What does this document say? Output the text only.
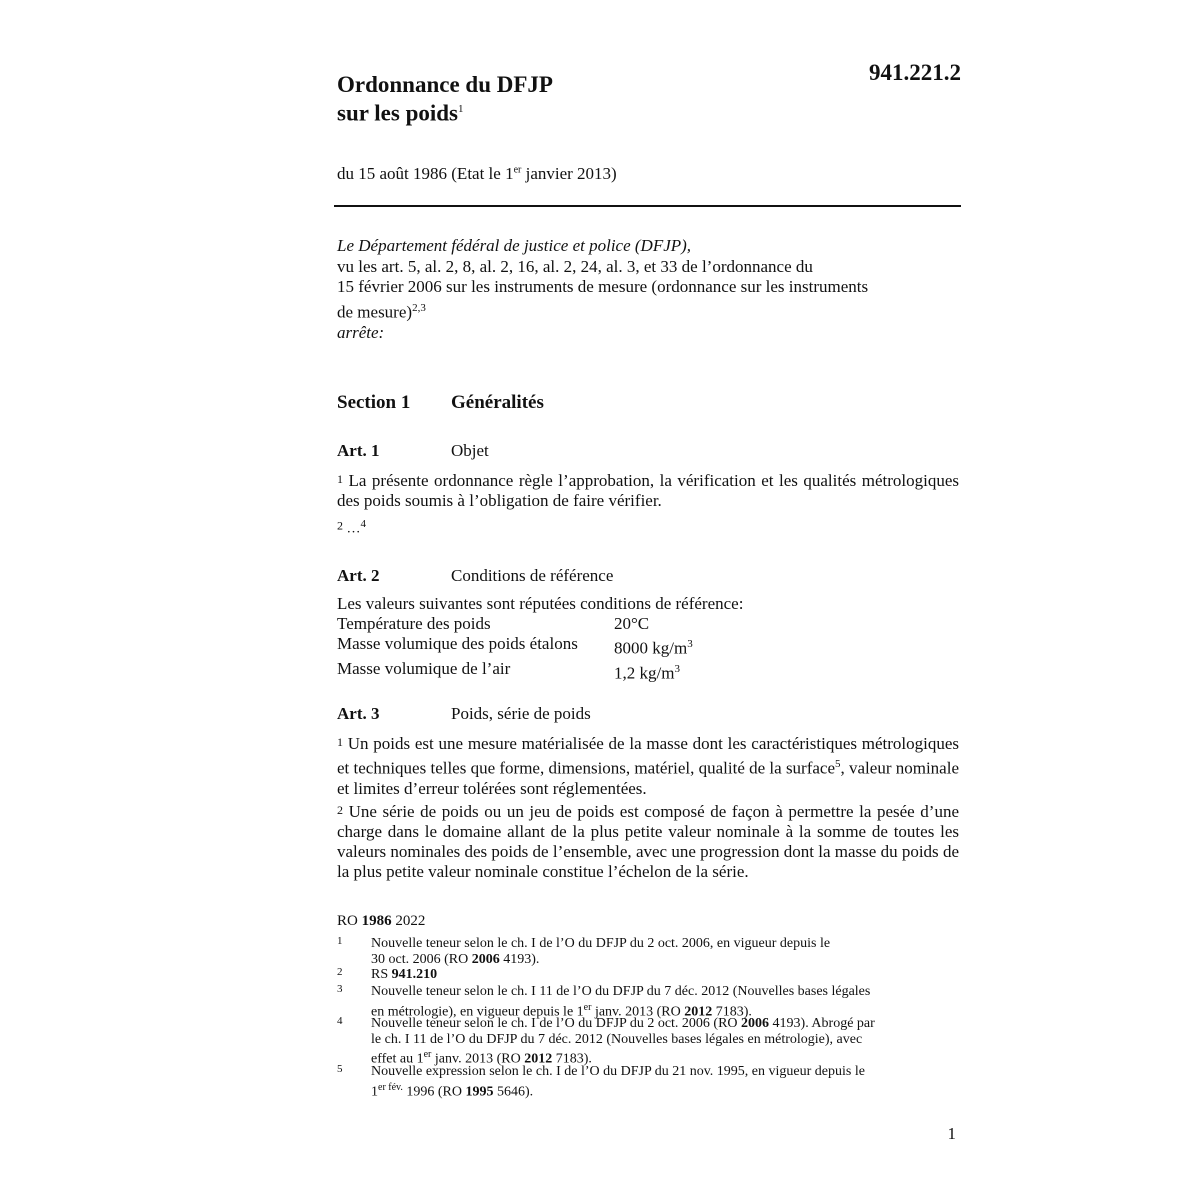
941.221.2
Ordonnance du DFJP
sur les poids$^1$
du 15 août 1986 (Etat le 1er janvier 2013)
Le Département fédéral de justice et police (DFJP),
vu les art. 5, al. 2, 8, al. 2, 16, al. 2, 24, al. 3, et 33 de l’ordonnance du
15 février 2006 sur les instruments de mesure (ordonnance sur les instruments
de mesure)$^{2,3}$
arrête:
Section 1 Généralités
Art. 1	Objet
1 La présente ordonnance règle l’approbation, la vérification et les qualités métrologiques des poids soumis à l’obligation de faire vérifier.
2 …$^4$
Art. 2	Conditions de référence
Les valeurs suivantes sont réputées conditions de référence:
Température des poids	20°C
Masse volumique des poids étalons	8000 $kg/m^3$
Masse volumique de l’air	1,2 $kg/m^3$
Art. 3	Poids, série de poids
1 Un poids est une mesure matérialisée de la masse dont les caractéristiques métrologiques et techniques telles que forme, dimensions, matériel, qualité de la surface$^5$, valeur nominale et limites d’erreur tolérées sont réglementées.
2 Une série de poids ou un jeu de poids est composé de façon à permettre la pesée d’une charge dans le domaine allant de la plus petite valeur nominale à la somme de toutes les valeurs nominales des poids de l’ensemble, avec une progression dont la masse du poids de la plus petite valeur nominale constitue l’échelon de la série.
RO 1986 2022
1 Nouvelle teneur selon le ch. I de l’O du DFJP du 2 oct. 2006, en vigueur depuis le
30 oct. 2006 (RO 2006 4193).
2 RS 941.210
3 Nouvelle teneur selon le ch. I 11 de l’O du DFJP du 7 déc. 2012 (Nouvelles bases légales
en métrologie), en vigueur depuis le 1er janv. 2013 (RO 2012 7183).
4 Nouvelle teneur selon le ch. I de l’O du DFJP du 2 oct. 2006 (RO 2006 4193). Abrogé par
le ch. I 11 de l’O du DFJP du 7 déc. 2012 (Nouvelles bases légales en métrologie), avec
effet au 1er janv. 2013 (RO 2012 7183).
5 Nouvelle expression selon le ch. I de l’O du DFJP du 21 nov. 1995, en vigueur depuis le
$1^{er fév.}$ 1996 (RO 1995 5646).
1
